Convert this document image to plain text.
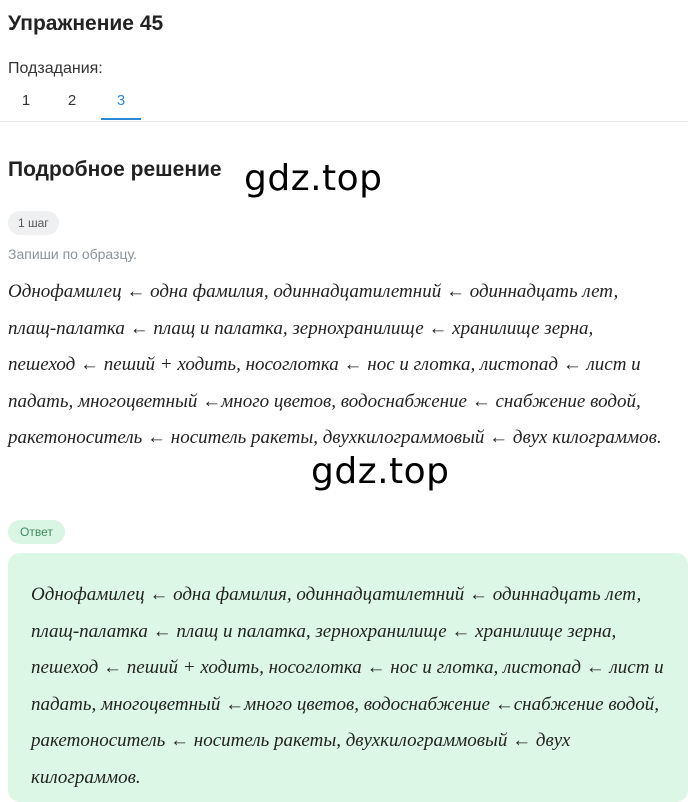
Упражнение 45
Подзадания:
1	2	3
Подробное решение gdz.top
1 шаг
Запиши по образцу.
Однофамилец ← одна фамилия, одиннадцатилетний ← одиннадцать лет, плащ-палатка ← плащ и палатка, зернохранилище ← хранилище зерна, пешеход ← пеший + ходить, носоглотка ← нос и глотка, листопад ← лист и падать, многоцветный ←много цветов, водоснабжение ← снабжение водой, ракетоноситель ← носитель ракеты, двухкилограммовый ← двух килограммов.
gdz.top
Ответ
Однофамилец ← одна фамилия, одиннадцатилетний ← одиннадцать лет, плащ-палатка ← плащ и палатка, зернохранилище ← хранилище зерна, пешеход ← пеший + ходить, носоглотка ← нос и глотка, листопад ← лист и падать, многоцветный ←много цветов, водоснабжение ←снабжение водой, ракетоноситель ← носитель ракеты, двухкилограммовый ← двух килограммов.
